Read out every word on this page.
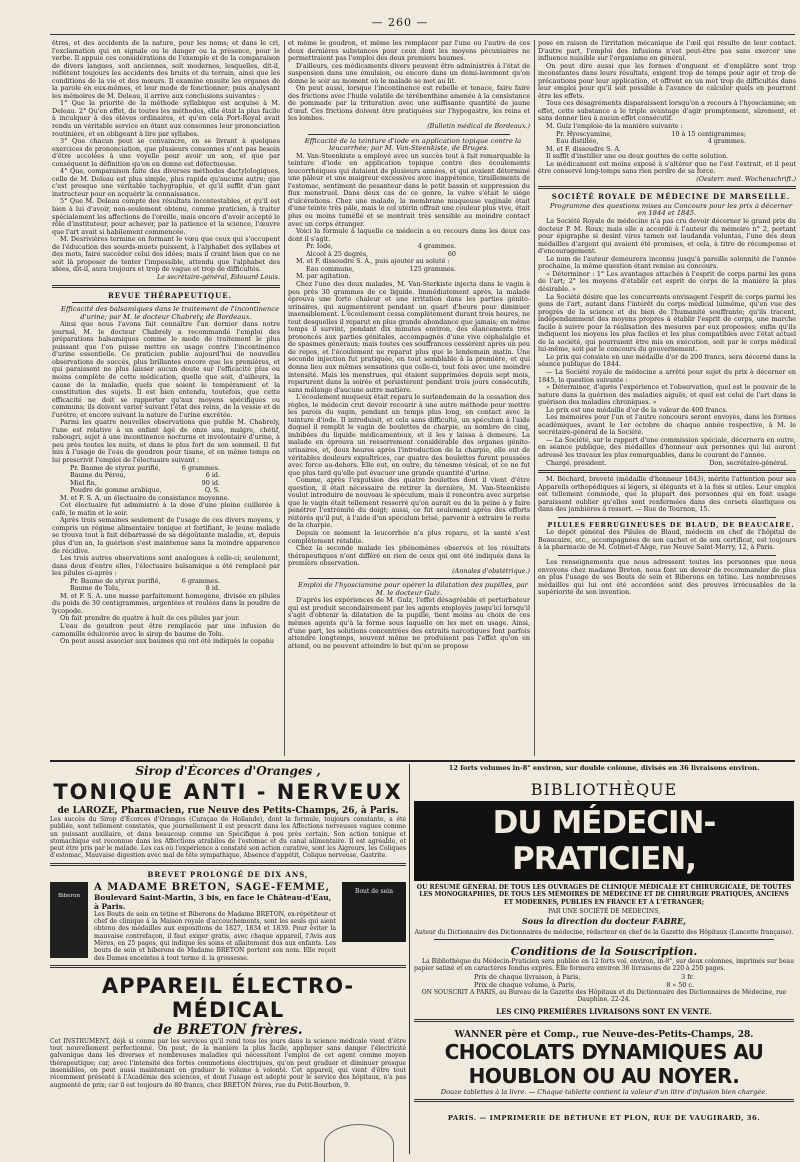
— 260 —

êtres, et des accidents de la nature, pour les noms; et dans le cri, l'exclamation qui en signale ou le danger ou la présence, pour le verbe. Il appuie ces considérations de l'exemple et de la comparaison de divers langues, soit anciennes, soit modernes, lesquelles, dit-il, reflètent toujours les accidents des bruits et du terrain, ainsi que les conditions de la vie et des mœurs. Il examine ensuite les organes de la parole en eux-mêmes, et leur mode de fonctionner; puis analysant les mémoires de M. Deleau, il arrive aux conclusions suivantes :

1° Que la priorité de la méthode syllabique est acquise à M. Deleau. 2° Qu'en effet, de toutes les méthodes, elle était la plus facile à inculquer à des élèves ordinaires, et qu'en cela Port-Royal avait rendu un véritable service en ôtant aux consonnes leur prononciation routinière, et en obligeant à lire par syllabes.

3° Que chacun peut se convaincre, en se livrant à quelques exercices de prononciation, que plusieurs consonnes n'ont pas besoin d'être accolées à une voyelle pour avoir un son, et que par conséquent la définition qu'on en donne est défectueuse.

4° Que, comparaison faite des diverses méthodes dactylologiques, celle de M. Deleau est plus simple, plus rapide qu'aucune autre; que c'est presque une véritable tachygraphie, et qu'il suffit d'un gant instructeur pour en acquérir la connaissance.

5° Que M. Deleau compte des résultats incontestables, et qu'il est bien à lui d'avoir, non-seulement obtenu, comme praticien, à traiter spécialement les affections de l'oreille, mais encore d'avoir accepté le rôle d'instituteur, pour achever, par la patience et la science, l'œuvre que l'art avait si habilement commencée.

M. Desrivières termine en formant le vœu que ceux qui s'occupent de l'éducation des sourds-muets puissent, à l'alphabet des syllabes et des mots, faire succéder celui des idées; mais il craint bien que ce ne soit là proposer de tenter l'impossible, attendu que l'alphabet des idées, dit-il, aura toujours et trop de vague et trop de difficultés.

Le secrétaire-général, Edouard Louis.

REVUE THÉRAPEUTIQUE.

Efficacité des balsamiques dans le traitement de l'incontinence d'urine; par M. le docteur Chabrely, de Bordeaux.

Ainsi que nous l'avons fait connaître l'an dernier dans notre journal, M. le docteur Chabrely a recommandé l'emploi des préparations balsamiques comme le mode de traitement le plus puissant que l'on puisse mettre en usage contre l'incontinence d'urine essentielle. Ce praticien publie aujourd'hui de nouvelles observations de succès, plus brillantes encore que les premières, et qui paraissent ne plus laisser aucun doute sur l'efficacité plus ou moins complète de cette médication, quelle que soit, d'ailleurs, la cause de la maladie, quels que soient le tempérament et la constitution des sujets. Il est bien entendu, toutefois, que cette efficacité ne doit se rapporter qu'aux moyens spécifiques ou communs; ils doivent varier suivant l'état des reins, de la vessie et de l'urètre, et encore suivant la nature de l'urine excrétée.

Parmi les quatre nouvelles observations que publie M. Chabrely, l'une est relative à un enfant âgé de onze ans, malgre, chétif, rabougri, sujet à une incontinence nocturne et involontaire d'urine, à peu près toutes les nuits, et dans le plus fort de son sommeil. Il fut mis à l'usage de l'eau de goudron pour tisane, et en même temps on lui prescrivit l'emploi de l'électuaire suivant :

Pr. Baume de styrax purifié,	6 grammes.
Baume du Pérou,	6 id.
Miel fin,	90 id.
Poudre de gomme arabique,	Q. S.

M. et F. S. A. un électuaire de consistance moyenne.

Cet électuaire fut administré à la dose d'une pleine cuillerée à café, le matin et le soir.

Après trois semaines seulement de l'usage de ces divers moyens, y compris un régime alimentaire tonique et fortifiant, le jeune malade se trouva tout à fait débarrassé de sa dégoûtante maladie, et, depuis plus d'un an, la guérison s'est maintenue sans la moindre apparence de récidive.

Les trois autres observations sont analogues à celle-ci; seulement, dans deux d'entre elles, l'électuaire balsamique a été remplacé par les pilules ci-après :

Pr. Baume de styrax purifié,	6 grammes.
Baume de Tolu,	8 id.

M. et F. S. A. une masse parfaitement homogène, divisée en pilules du poids de 30 centigrammes, argentées et roulées dans la poudre de lycopode.

On fait prendre de quatre à huit de ces pilules par jour.

L'eau de goudron peut être remplacée par une infusion de camomille édulcorée avec le sirop de baume de Tolu.

On peut aussi associer aux baumes qui ont été indiqués le copahu

et même le goudron, et même les remplacer par l'une ou l'autre de ces deux dernières substances pour ceux dont les moyens pécuniaires ne permettraient pas l'emploi des deux premiers baumes.

D'ailleurs, ces médicaments divers peuvent être administrés à l'état de suspension dans une émulsion, ou encore dans un demi-lavement qu'on donne le soir au moment où le malade se met au lit.

On peut aussi, lorsque l'incontinence est rebelle et tenace, faire faire des frictions avec l'huile volatile de térébenthine amenée à la consistance de pommade par la trituration avec une suffisante quantité de jaune d'œuf. Ces frictions doivent être pratiquées sur l'hypogastre, les reins et les lombes.

(Bulletin médical de Bordeaux.)

Efficacité de la teinture d'iode en application topique contre la leucorrhée; par M. Van-Steenkiste, de Bruges.

M. Van-Steenkiste a employé avec un succès tout à fait remarquable la teinture d'iode en application topique contre des écoulements leucorrhéiques qui dataient de plusieurs années, et qui avaient déterminé une pâleur et une maigreur excessives avec inappétence, tiraillements de l'estomac, sentiment de pesanteur dans le petit bassin et suppression du flux menstruel. Dans deux cas de ce genre, la vulve s'était le siége d'ulcérations. Chez une malade, la membrane muqueuse vaginale était d'une teinte très pâle, mais le col utérin offrait une couleur plus vive, était plus ou moins tuméfié et se montrait très sensible au moindre contact avec un corps étranger.

Voici la formule à laquelle ce médecin a eu recours dans les deux cas dont il s'agit.

Pr. Iode,	4 grammes.
Alcool à 25 degrés,	60

M. et F. dissoudre S. A., puis ajouter au soluté :

Eau commune,	125 grammes.

M. par agitation.

Chez l'une des deux malades, M. Van-Sterkiste injecta dans le vagin à peu près 30 grammes de ce liquide. Immédiatement après, la malade éprouva une forte chaleur et une irritation dans les parties génito-urinaires, qui augmentèrent pendant un quart d'heure pour diminuer insensiblement. L'écoulement cessa complètement durant trois heures, ne tout desquelles il reparut en plus grande abondance que jamais; en même temps il survint, pendant dix minutes environ, des élancements très prononcés aux parties génitales, accompagnés d'une vive céphalalgie et de spasmes généraux; mais toutes ces souffrances cessèrent après un peu de repos, et l'écoulement ne reparut plus que le lendemain matin. Une seconde injection fut pratiquée, en tout semblable à la première, et qui donna lieu aux mêmes sensations que celle-ci, tout fois avec une moindre intensité. Mais les menstrues, qui étaient supprimées depuis sept mois, reparurent dans la soirée et persistèrent pendant trois jours consécutifs, sans mélange d'aucune autre matière.

L'écoulement muqueux était reparu le surlendemain de la cessation des règles, le médecin crut devoir recourir à une autre méthode pour mettre les parois du vagin, pendant un temps plus long, en contact avec la teinture d'iode. Il introduisit, et cela sans difficulté, un spéculum à l'aide duquel il remplit le vagin de boulettes de charpie, au nombre de cinq, imbibées du liquide médicamenteux, et il les y laissa à demeure. La malade en éprouva un resserrement considérable des organes génito-urinaires, et, deux heures après l'introduction de la charpie, elle eut de véritables douleurs expultrices, car quatre des boulettes furent poussées avec force au-dehors. Elle eut, en outre, du ténesme vésical, et ce ne fut que plus tard qu'elle put évacuer une grande quantité d'urine.

Comme, après l'expulsion des quatre boulettes dont il vient d'être question, il était nécessaire de retirer la dernière, M. Van-Steenkiste voulut introduire de nouveau le spéculum, mais il rencontra avec surprise que le vagin était tellement resserré qu'on aurait eu de la peine à y faire pénétrer l'extrémité du doigt; aussi, ce fut seulement après des efforts réitérés qu'il put, à l'aide d'un spéculum brisé, parvenir à extraire le reste de la charpie.

Depuis ce moment la leucorrhée n'a plus reparu, et la santé s'est complètement rétablie.

Chez la seconde malade les phénomènes observés et les résultats thérapeutiques n'ont différé en rien de ceux qui ont été indiqués dans la première observation.

(Annales d'obstétrique.)

Emploi de l'hyosciamine pour opérer la dilatation des pupilles, par M. le docteur Gulz.

D'après les expériences de M. Gulz, l'effet désagréable et perturbateur qui est produit secondairement par les agents employés jusqu'ici lorsqu'il s'agit d'obtenir la dilatation de la pupille, tient moins au choix de ces mêmes agents qu'à la forme sous laquelle on les met en usage. Ainsi, d'une part, les solutions concentrées des extraits narcotiques font parfois attendre longtemps, souvent même ne produisent pas l'effet qu'on en attend, ou ne peuvent atteindre le but qu'on se propose

pose en raison de l'irritation mécanique de l'œil qui résulte de leur contact. D'autre part, l'emploi des infusions n'est peut-être pas sans exercer une influence nuisible sur l'organisme en général.

On peut dire aussi que les formes d'onguent et d'emplâtre sont trop inconstantes dans leurs résultats, exigent trop de temps pour agir et trop de précautions pour leur application, et offrent en un mot trop de difficultés dans leur emploi pour qu'il soit possible à l'avance de calculer quels en pourront être les effets.

Tous ces désagréments disparaissent lorsqu'on a recours à l'hyosciamine; en effet, cette substance a le triple avantage d'agir promptement, sûrement, et sans donner lieu à aucun effet consécutif.

M. Gulz l'emploie de la manière suivante :

Pr. Hyoscyamine,	10 à 15 centigrammes;
Eau distillée,	4 grammes.

M. et F. dissoudre S. A.

Il suffit d'instiller une ou deux gouttes de cette solution.

Le médicament est moins exposé à s'altérer que ne l'est l'extrait, et il peut être conservé long-temps sans rien perdre de sa force.

(Oesterr. med. Wochenschrift.)

SOCIÉTÉ ROYALE DE MÉDECINE DE MARSEILLE.

Programme des questions mises au Concours pour les prix à décerner en 1844 et 1845.

La Société Royale de médecine n'a pas cru devoir décerner le grand prix du docteur P. M. Roux; mais elle a accordé à l'auteur du mémoire n° 2, portant pour épigraphe si desint vires tamen est laudanda voluntas, l'une des deux médailles d'argent qui avaient été promises, et cela, à titre de récompense et d'encouragement.

Le nom de l'auteur demeurera inconnu jusqu'à pareille solennité de l'année prochaine, la même question étant remise au concours.

« Déterminer : 1° Les avantages attachés à l'esprit de corps parmi les gens de l'art; 2° les moyens d'établir cet esprit de corps de la manière la plus désirable. »

La Société désire que les concurrents envisagent l'esprit de corps parmi les gens de l'art, autant dans l'intérêt du corps médical luimême, qu'en vue des progrès de la science et du bien de l'humanité souffrante; qu'ils tracent, indépendamment des moyens propres à établir l'esprit de corps, une marche facile à suivre pour la réalisation des mesures par eux proposées; enfin qu'ils indiquent les moyens les plus faciles et les plus compatibles avec l'état actuel de la société, qui pourraient être mis en exécution, soit par le corps médical lui-même, soit par le concours du gouvernement.

Le prix qui consiste en une médaille d'or de 200 francs, sera décerné dans la séance publique de 1844.

— La Société royale de médecine a arrêté pour sujet du prix à décerner en 1845, la question suivante :

« Déterminer, d'après l'expérience et l'observation, quel est le pouvoir de la nature dans la guérison des maladies aiguës, et quel est celui de l'art dans la guérison des maladies chroniques. »

Le prix est une médaille d'or de la valeur de 400 francs.

Les mémoires pour l'un et l'autre concours seront envoyés, dans les formes académiques, avant le 1er octobre de chaque année respective, à M. le secrétaire-général de la Société.

— La Société, sur le rapport d'une commission spéciale, décernera en outre, en séance publique, des médailles d'honneur aux personnes qui lui auront adressé les travaux les plus remarquables, dans le courant de l'année.

Chargé, président.	Don, secrétaire-général.

M. Béchard, breveté (médaille d'honneur 1843), mérite l'attention pour ses Appareils orthopédiques si légers, si élégants et à la fois si utiles. Leur emploi est tellement commode, que la plupart des personnes qui en font usage paraissent oublier qu'elles sont renfermées dans des corsets élastiques ou dans des jambières à ressort. — Rue de Tournon, 15.

PILULES FERRUGINEUSES DE BLAUD, DE BEAUCAIRE.

Le dépôt général des Pilules de Blaud, médecin en chef de l'hôpital de Beaucaire, etc., accompagnées de son cachet et de son certificat, est toujours à la pharmacie de M. Colmet-d'Aâge, rue Neuve Saint-Merry, 12, à Paris.

Les renseignements que nous adressent toutes les personnes que nous envoyons chez madame Breton, nous font un devoir de recommander de plus en plus l'usage de ses Bouts de sein et Biberons en tétine. Les nombreuses médailles qui lui ont été accordées sont des preuves irrécusables de la supériorité de son invention.

Sirop d'Écorces d'Oranges ,
TONIQUE ANTI - NERVEUX
de LAROZE, Pharmacien, rue Neuve des Petits-Champs, 26, à Paris.
Les succès du Sirop d'Écorces d'Oranges (Curaçao de Hollande), dont la formule, toujours constante, a été publiée, sont tellement constatés, que journellement il est prescrit dans les Affections nerveuses vagues comme un puissant auxiliaire, et dans beaucoup comme un Spécifique à peu près certain. Son action tonique et stomachique est reconnue dans les Affections atrabiles de l'estomac et du canal alimentaire. Il est agréable, et peut être pris par le malade. Les cas où l'expérience a constaté son action curative, sont les Aigreurs, les Coliques d'estomac, Mauvaise digestion avec mal de tête sympathique, Absence d'appétit, Colique nerveuse, Gastrite.
BREVET PROLONGÉ DE DIX ANS,
Biberon
A MADAME BRETON, SAGE-FEMME,
Boulevard Saint-Martin, 3 bis, en face le Château-d'Eau, à Paris.
Les Bouts de sein en tétine et Biberons de Madame BRETON, ex-répétiteur et chef de clinique à la Maison royale d'accouchements, sont les seuls qui aient obtenu des médailles aux expositions de 1827, 1834 et 1839. Pour éviter la mauvaise contrefaçon, il faut exiger gratis, avec chaque appareil, l'Avis aux Mères, en 25 pages, qui indique les soins et allaitement dus aux enfants. Les bouts de sein et biberons de Madame BRETON portent son nom. Elle reçoit des Dames enceintes à tout terme d. la grossesse.
Bout de sein
APPAREIL ÉLECTRO-MÉDICAL
de BRETON frères.
Cet INSTRUMENT, déjà si connu par les services qu'il rend tous les jours dans la science médicale vient d'être tout nouvellement perfectionné. On peut, de la manière la plus facile, appliquer sans danger l'électricité galvanique dans les diverses et nombreuses maladies qui nécessitent l'emploi de cet agent comme moyen thérapeutique; car, avec l'intensité des fortes commotions électriques, qu'on peut graduer et diminuer presque insensibles, on peut aussi maintenant en graduer le volume à volonté. Cet appareil, qui vient d'être tout récemment présenté à l'Académie des sciences, et dont l'usage est adopté pour le service des hôpitaux, n'a pas augmenté de prix; car il est toujours de 80 francs, chez BRETON frères, rue du Petit-Bourbon, 9.
12 forts volumes in-8° environ, sur double colonne, divisés en 36 livraisons environ.
BIBLIOTHÈQUE
DU MÉDECIN-PRATICIEN,
OU RÉSUMÉ GÉNÉRAL DE TOUS LES OUVRAGES DE CLINIQUE MÉDICALE ET CHIRURGICALE, DE TOUTES LES MONOGRAPHIES, DE TOUS LES MÉMOIRES DE MÉDECINE ET DE CHIRURGIE PRATIQUES, ANCIENS ET MODERNES, PUBLIÉS EN FRANCE ET A L'ÉTRANGER;
PAR UNE SOCIÉTÉ DE MÉDECINS,
Sous la direction du docteur FABRE,
Auteur du Dictionnaire des Dictionnaires de médecine, rédacteur en chef de la Gazette des Hôpitaux (Lancette française).
Conditions de la Souscription.
La Bibliothèque du Médecin-Praticien sera publiée en 12 forts vol. environ, in-8°, sur deux colonnes, imprimés sur beau papier satiné et en caractères fondus exprès. Elle formera environ 36 livraisons de 220 à 250 pages.
Prix de chaque livraison, à Paris,	3 fr.
Prix de chaque volume, à Paris,	8 » 50 c.
ON SOUSCRIT A PARIS, au Bureau de la Gazette des Hôpitaux et du Dictionnaire des Dictionnaires de Médecine, rue Dauphine, 22-24.
LES CINQ PREMIÈRES LIVRAISONS SONT EN VENTE.
WANNER père et Comp., rue Neuve-des-Petits-Champs, 28.
CHOCOLATS DYNAMIQUES AU HOUBLON OU AU NOYER.
Douze tablettes à la livre. — Chaque tablette contient la valeur d'un litre d'infusion bien chargée.
PARIS. — IMPRIMERIE DE BÉTHUNE ET PLON, RUE DE VAUGIRARD, 36.
